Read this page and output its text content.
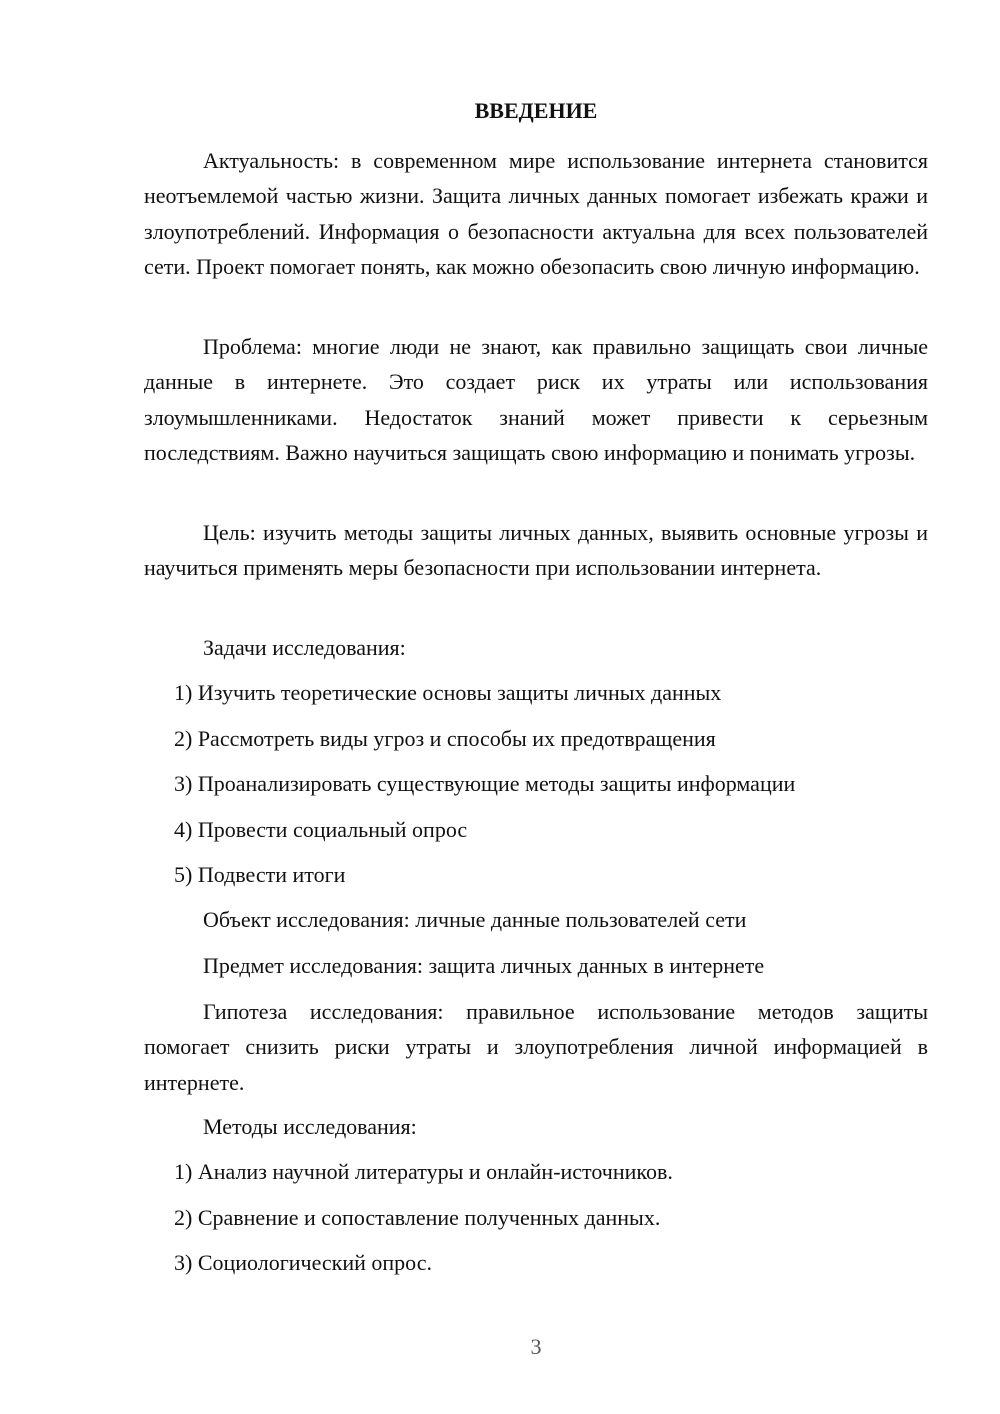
ВВЕДЕНИЕ

Актуальность: в современном мире использование интернета становится неотъемлемой частью жизни. Защита личных данных помогает избежать кражи и злоупотреблений. Информация о безопасности актуальна для всех пользователей сети. Проект помогает понять, как можно обезопасить свою личную информацию.

Проблема: многие люди не знают, как правильно защищать свои личные данные в интернете. Это создает риск их утраты или использования злоумышленниками. Недостаток знаний может привести к серьезным последствиям. Важно научиться защищать свою информацию и понимать угрозы.

Цель: изучить методы защиты личных данных, выявить основные угрозы и научиться применять меры безопасности при использовании интернета.

Задачи исследования:

1) Изучить теоретические основы защиты личных данных

2) Рассмотреть виды угроз и способы их предотвращения

3) Проанализировать существующие методы защиты информации

4) Провести социальный опрос

5) Подвести итоги

Объект исследования: личные данные пользователей сети

Предмет исследования: защита личных данных в интернете

Гипотеза исследования: правильное использование методов защиты помогает снизить риски утраты и злоупотребления личной информацией в интернете.

Методы исследования:

1) Анализ научной литературы и онлайн-источников.

2) Сравнение и сопоставление полученных данных.

3) Социологический опрос.

3
